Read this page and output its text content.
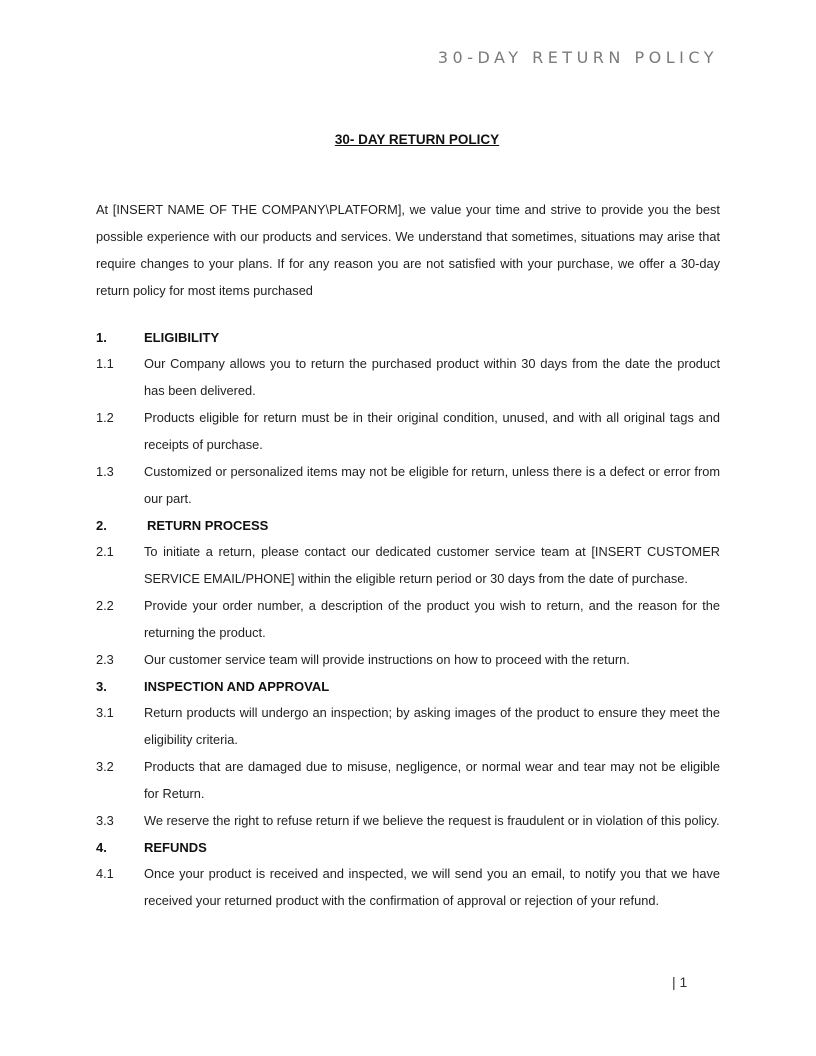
30-DAY RETURN POLICY
30- DAY RETURN POLICY

At [INSERT NAME OF THE COMPANY\PLATFORM], we value your time and strive to provide you the best possible experience with our products and services. We understand that sometimes, situations may arise that require changes to your plans. If for any reason you are not satisfied with your purchase, we offer a 30-day return policy for most items purchased

1.	ELIGIBILITY
1.1	Our Company allows you to return the purchased product within 30 days from the date the product has been delivered.
1.2	Products eligible for return must be in their original condition, unused, and with all original tags and receipts of purchase.
1.3	Customized or personalized items may not be eligible for return, unless there is a defect or error from our part.
2.	RETURN PROCESS
2.1	To initiate a return, please contact our dedicated customer service team at [INSERT CUSTOMER SERVICE EMAIL/PHONE] within the eligible return period or 30 days from the date of purchase.
2.2	Provide your order number, a description of the product you wish to return, and the reason for the returning the product.
2.3	Our customer service team will provide instructions on how to proceed with the return.
3.	INSPECTION AND APPROVAL
3.1	Return products will undergo an inspection; by asking images of the product to ensure they meet the eligibility criteria.
3.2	Products that are damaged due to misuse, negligence, or normal wear and tear may not be eligible for Return.
3.3	We reserve the right to refuse return if we believe the request is fraudulent or in violation of this policy.
4.	REFUNDS
4.1	Once your product is received and inspected, we will send you an email, to notify you that we have received your returned product with the confirmation of approval or rejection of your refund.
| 1
